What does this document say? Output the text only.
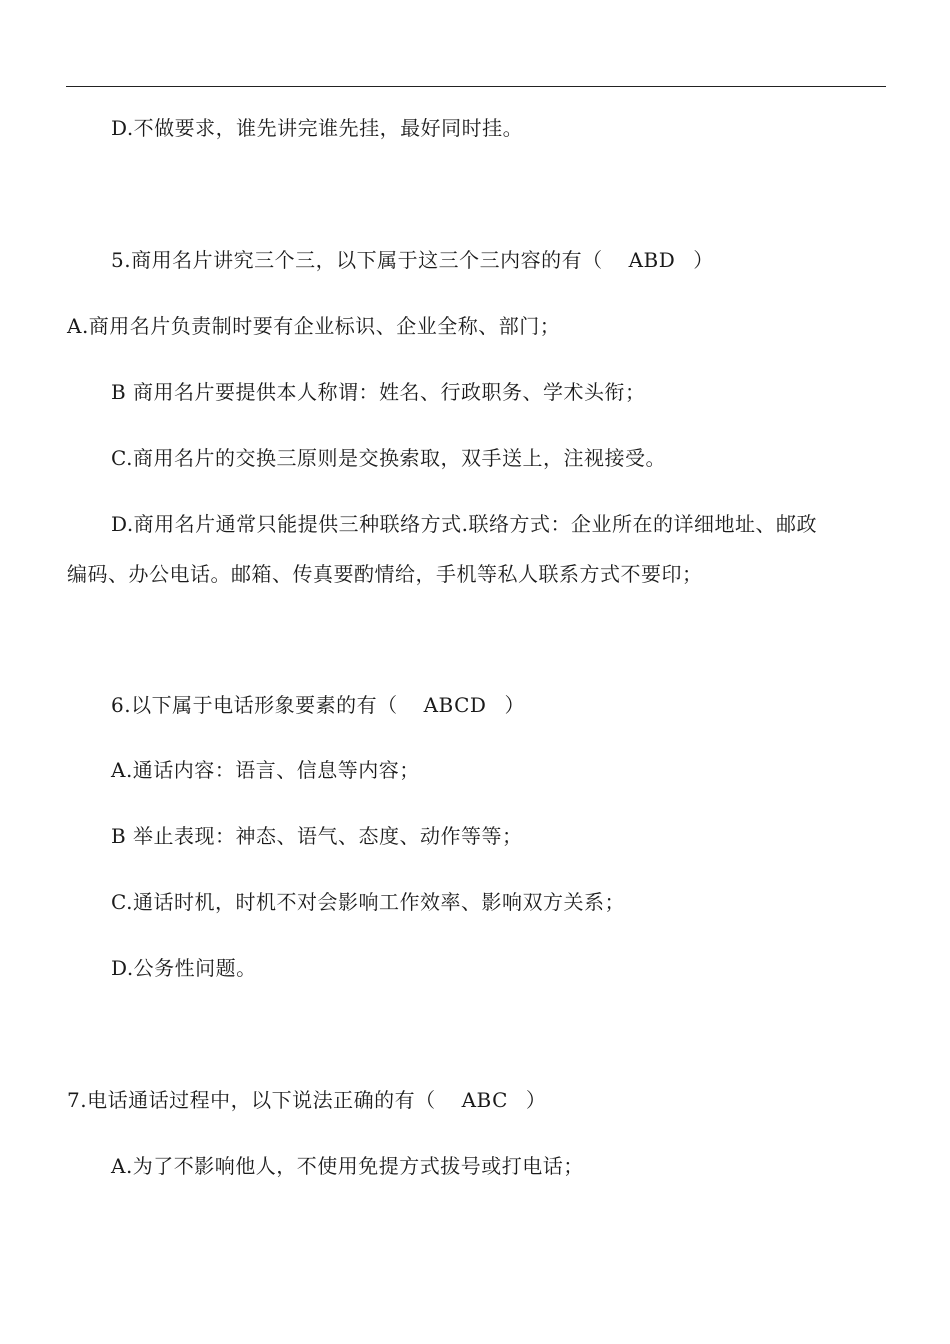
D.不做要求，谁先讲完谁先挂，最好同时挂。
5.商用名片讲究三个三，以下属于这三个三内容的有（ ABD ）
A.商用名片负责制时要有企业标识、企业全称、部门；
B 商用名片要提供本人称谓：姓名、行政职务、学术头衔；
C.商用名片的交换三原则是交换索取，双手送上，注视接受。
D.商用名片通常只能提供三种联络方式.联络方式：企业所在的详细地址、邮政
编码、办公电话。邮箱、传真要酌情给，手机等私人联系方式不要印；
6.以下属于电话形象要素的有（ ABCD ）
A.通话内容：语言、信息等内容；
B 举止表现：神态、语气、态度、动作等等；
C.通话时机，时机不对会影响工作效率、影响双方关系；
D.公务性问题。
7.电话通话过程中，以下说法正确的有（ ABC ）
A.为了不影响他人，不使用免提方式拔号或打电话；
